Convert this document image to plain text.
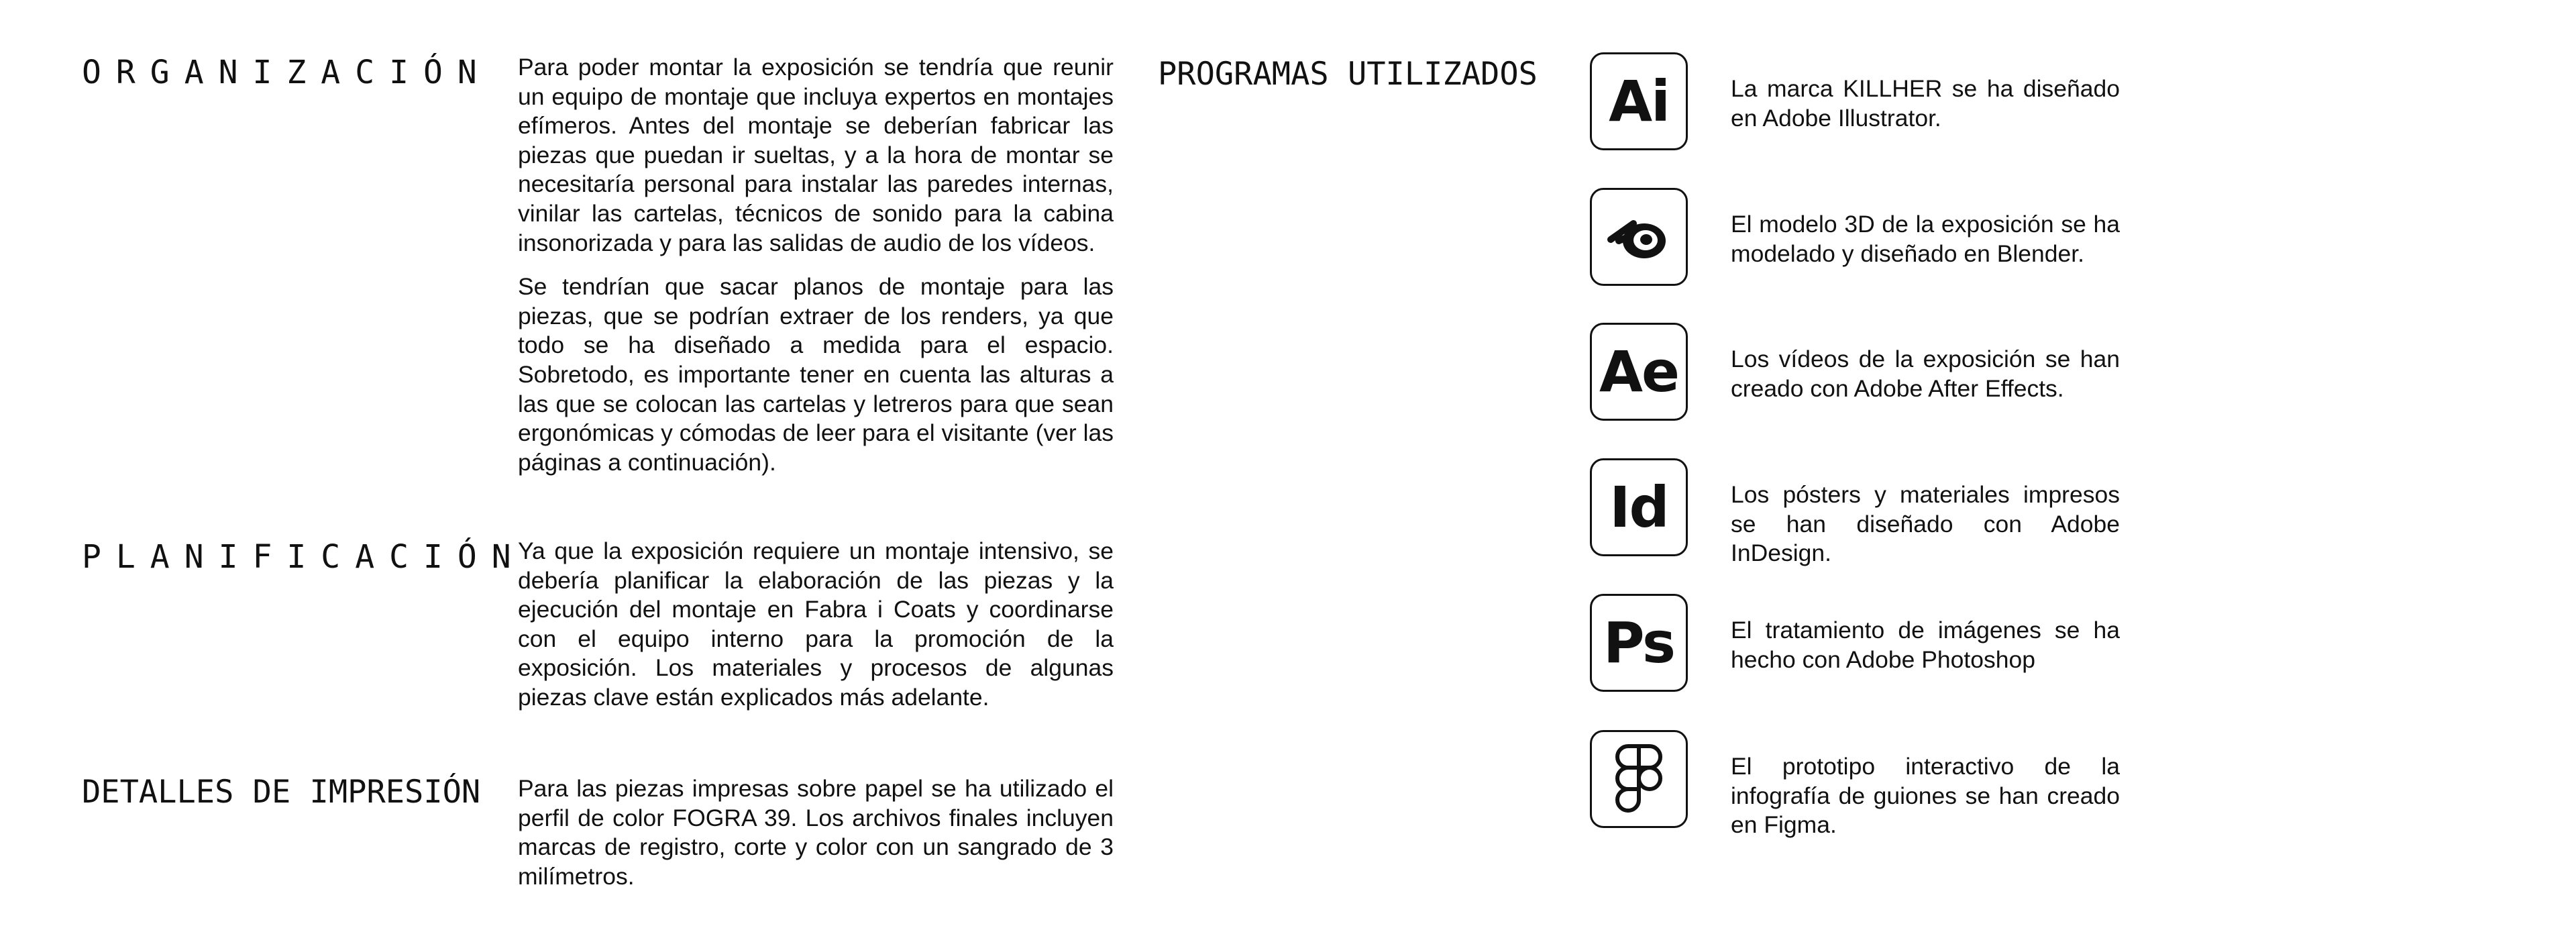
ORGANIZACIÓN Para poder montar la exposición se tendría que reunir un equipo de montaje que incluya expertos en montajes efímeros. Antes del montaje se deberían fabricar las piezas que puedan ir sueltas, y a la hora de montar se necesitaría personal para instalar las paredes internas, vinilar las cartelas, técnicos de sonido para la cabina insonorizada y para las salidas de audio de los vídeos.

Se tendrían que sacar planos de montaje para las piezas, que se podrían extraer de los renders, ya que todo se ha diseñado a medida para el espacio. Sobretodo, es importante tener en cuenta las alturas a las que se colocan las cartelas y letreros para que sean ergonómicas y cómodas de leer para el visitante (ver las páginas a continuación).

PLANIFICACIÓN

Ya que la exposición requiere un montaje intensivo, se debería planificar la elaboración de las piezas y la ejecución del montaje en Fabra i Coats y coordinarse con el equipo interno para la promoción de la exposición. Los materiales y procesos de algunas piezas clave están explicados más adelante.

DETALLES DE IMPRESIÓN Para las piezas impresas sobre papel se ha utilizado el perfil de color FOGRA 39. Los archivos finales incluyen marcas de registro, corte y color con un sangrado de 3 milímetros.

PROGRAMAS UTILIZADOS Ai	La marca KILLHER se ha diseñado en Adobe Illustrator.
El modelo 3D de la exposición se ha modelado y diseñado en Blender.
Ae Los vídeos de la exposición se han creado con Adobe After Effects.
Id	Los pósters y materiales impresos se han diseñado con Adobe InDesign.
Ps El tratamiento de imágenes se ha hecho con Adobe Photoshop
El prototipo interactivo de la infografía de guiones se han creado en Figma.
